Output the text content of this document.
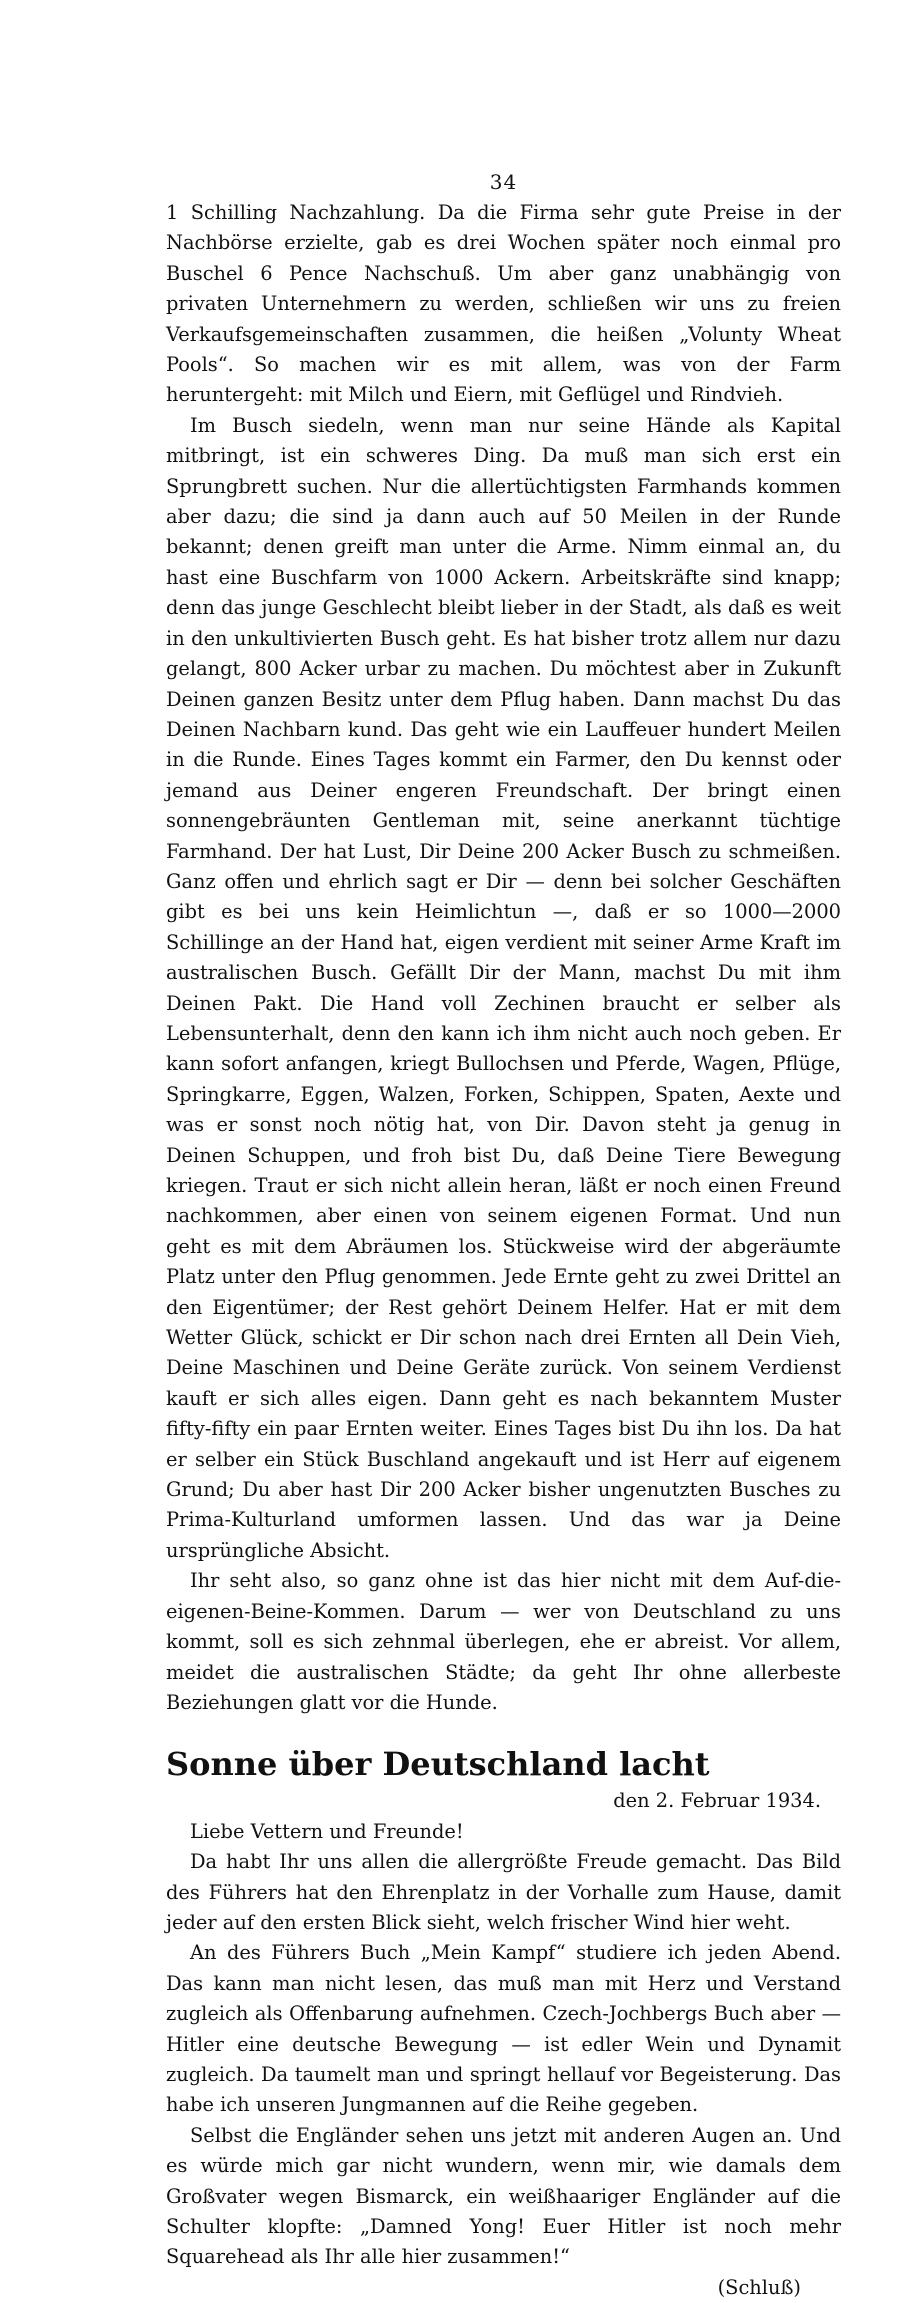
34

1 Schilling Nachzahlung. Da die Firma sehr gute Preise in der Nachbörse erzielte, gab es drei Wochen später noch einmal pro Buschel 6 Pence Nachschuß. Um aber ganz unabhängig von privaten Unternehmern zu werden, schließen wir uns zu freien Verkaufsgemeinschaften zusammen, die heißen „Volunty Wheat Pools“. So machen wir es mit allem, was von der Farm heruntergeht: mit Milch und Eiern, mit Geflügel und Rindvieh.

Im Busch siedeln, wenn man nur seine Hände als Kapital mitbringt, ist ein schweres Ding. Da muß man sich erst ein Sprungbrett suchen. Nur die allertüchtigsten Farmhands kommen aber dazu; die sind ja dann auch auf 50 Meilen in der Runde bekannt; denen greift man unter die Arme. Nimm einmal an, du hast eine Buschfarm von 1000 Ackern. Arbeitskräfte sind knapp; denn das junge Geschlecht bleibt lieber in der Stadt, als daß es weit in den unkultivierten Busch geht. Es hat bisher trotz allem nur dazu gelangt, 800 Acker urbar zu machen. Du möchtest aber in Zukunft Deinen ganzen Besitz unter dem Pflug haben. Dann machst Du das Deinen Nachbarn kund. Das geht wie ein Lauffeuer hundert Meilen in die Runde. Eines Tages kommt ein Farmer, den Du kennst oder jemand aus Deiner engeren Freundschaft. Der bringt einen sonnengebräunten Gentleman mit, seine anerkannt tüchtige Farmhand. Der hat Lust, Dir Deine 200 Acker Busch zu schmeißen. Ganz offen und ehrlich sagt er Dir — denn bei solcher Geschäften gibt es bei uns kein Heimlichtun —, daß er so 1000—2000 Schillinge an der Hand hat, eigen verdient mit seiner Arme Kraft im australischen Busch. Gefällt Dir der Mann, machst Du mit ihm Deinen Pakt. Die Hand voll Zechinen braucht er selber als Lebensunterhalt, denn den kann ich ihm nicht auch noch geben. Er kann sofort anfangen, kriegt Bullochsen und Pferde, Wagen, Pflüge, Springkarre, Eggen, Walzen, Forken, Schippen, Spaten, Aexte und was er sonst noch nötig hat, von Dir. Davon steht ja genug in Deinen Schuppen, und froh bist Du, daß Deine Tiere Bewegung kriegen. Traut er sich nicht allein heran, läßt er noch einen Freund nachkommen, aber einen von seinem eigenen Format. Und nun geht es mit dem Abräumen los. Stückweise wird der abgeräumte Platz unter den Pflug genommen. Jede Ernte geht zu zwei Drittel an den Eigentümer; der Rest gehört Deinem Helfer. Hat er mit dem Wetter Glück, schickt er Dir schon nach drei Ernten all Dein Vieh, Deine Maschinen und Deine Geräte zurück. Von seinem Verdienst kauft er sich alles eigen. Dann geht es nach bekanntem Muster fifty-fifty ein paar Ernten weiter. Eines Tages bist Du ihn los. Da hat er selber ein Stück Buschland angekauft und ist Herr auf eigenem Grund; Du aber hast Dir 200 Acker bisher ungenutzten Busches zu Prima-Kulturland umformen lassen. Und das war ja Deine ursprüngliche Absicht.

Ihr seht also, so ganz ohne ist das hier nicht mit dem Auf-die-eigenen-Beine-Kommen. Darum — wer von Deutschland zu uns kommt, soll es sich zehnmal überlegen, ehe er abreist. Vor allem, meidet die australischen Städte; da geht Ihr ohne allerbeste Beziehungen glatt vor die Hunde.

Sonne über Deutschland lacht

den 2. Februar 1934.

Liebe Vettern und Freunde!

Da habt Ihr uns allen die allergrößte Freude gemacht. Das Bild des Führers hat den Ehrenplatz in der Vorhalle zum Hause, damit jeder auf den ersten Blick sieht, welch frischer Wind hier weht.

An des Führers Buch „Mein Kampf“ studiere ich jeden Abend. Das kann man nicht lesen, das muß man mit Herz und Verstand zugleich als Offenbarung aufnehmen. Czech-Jochbergs Buch aber — Hitler eine deutsche Bewegung — ist edler Wein und Dynamit zugleich. Da taumelt man und springt hellauf vor Begeisterung. Das habe ich unseren Jungmannen auf die Reihe gegeben.

Selbst die Engländer sehen uns jetzt mit anderen Augen an. Und es würde mich gar nicht wundern, wenn mir, wie damals dem Großvater wegen Bismarck, ein weißhaariger Engländer auf die Schulter klopfte: „Damned Yong! Euer Hitler ist noch mehr Squarehead als Ihr alle hier zusammen!“

(Schluß)
